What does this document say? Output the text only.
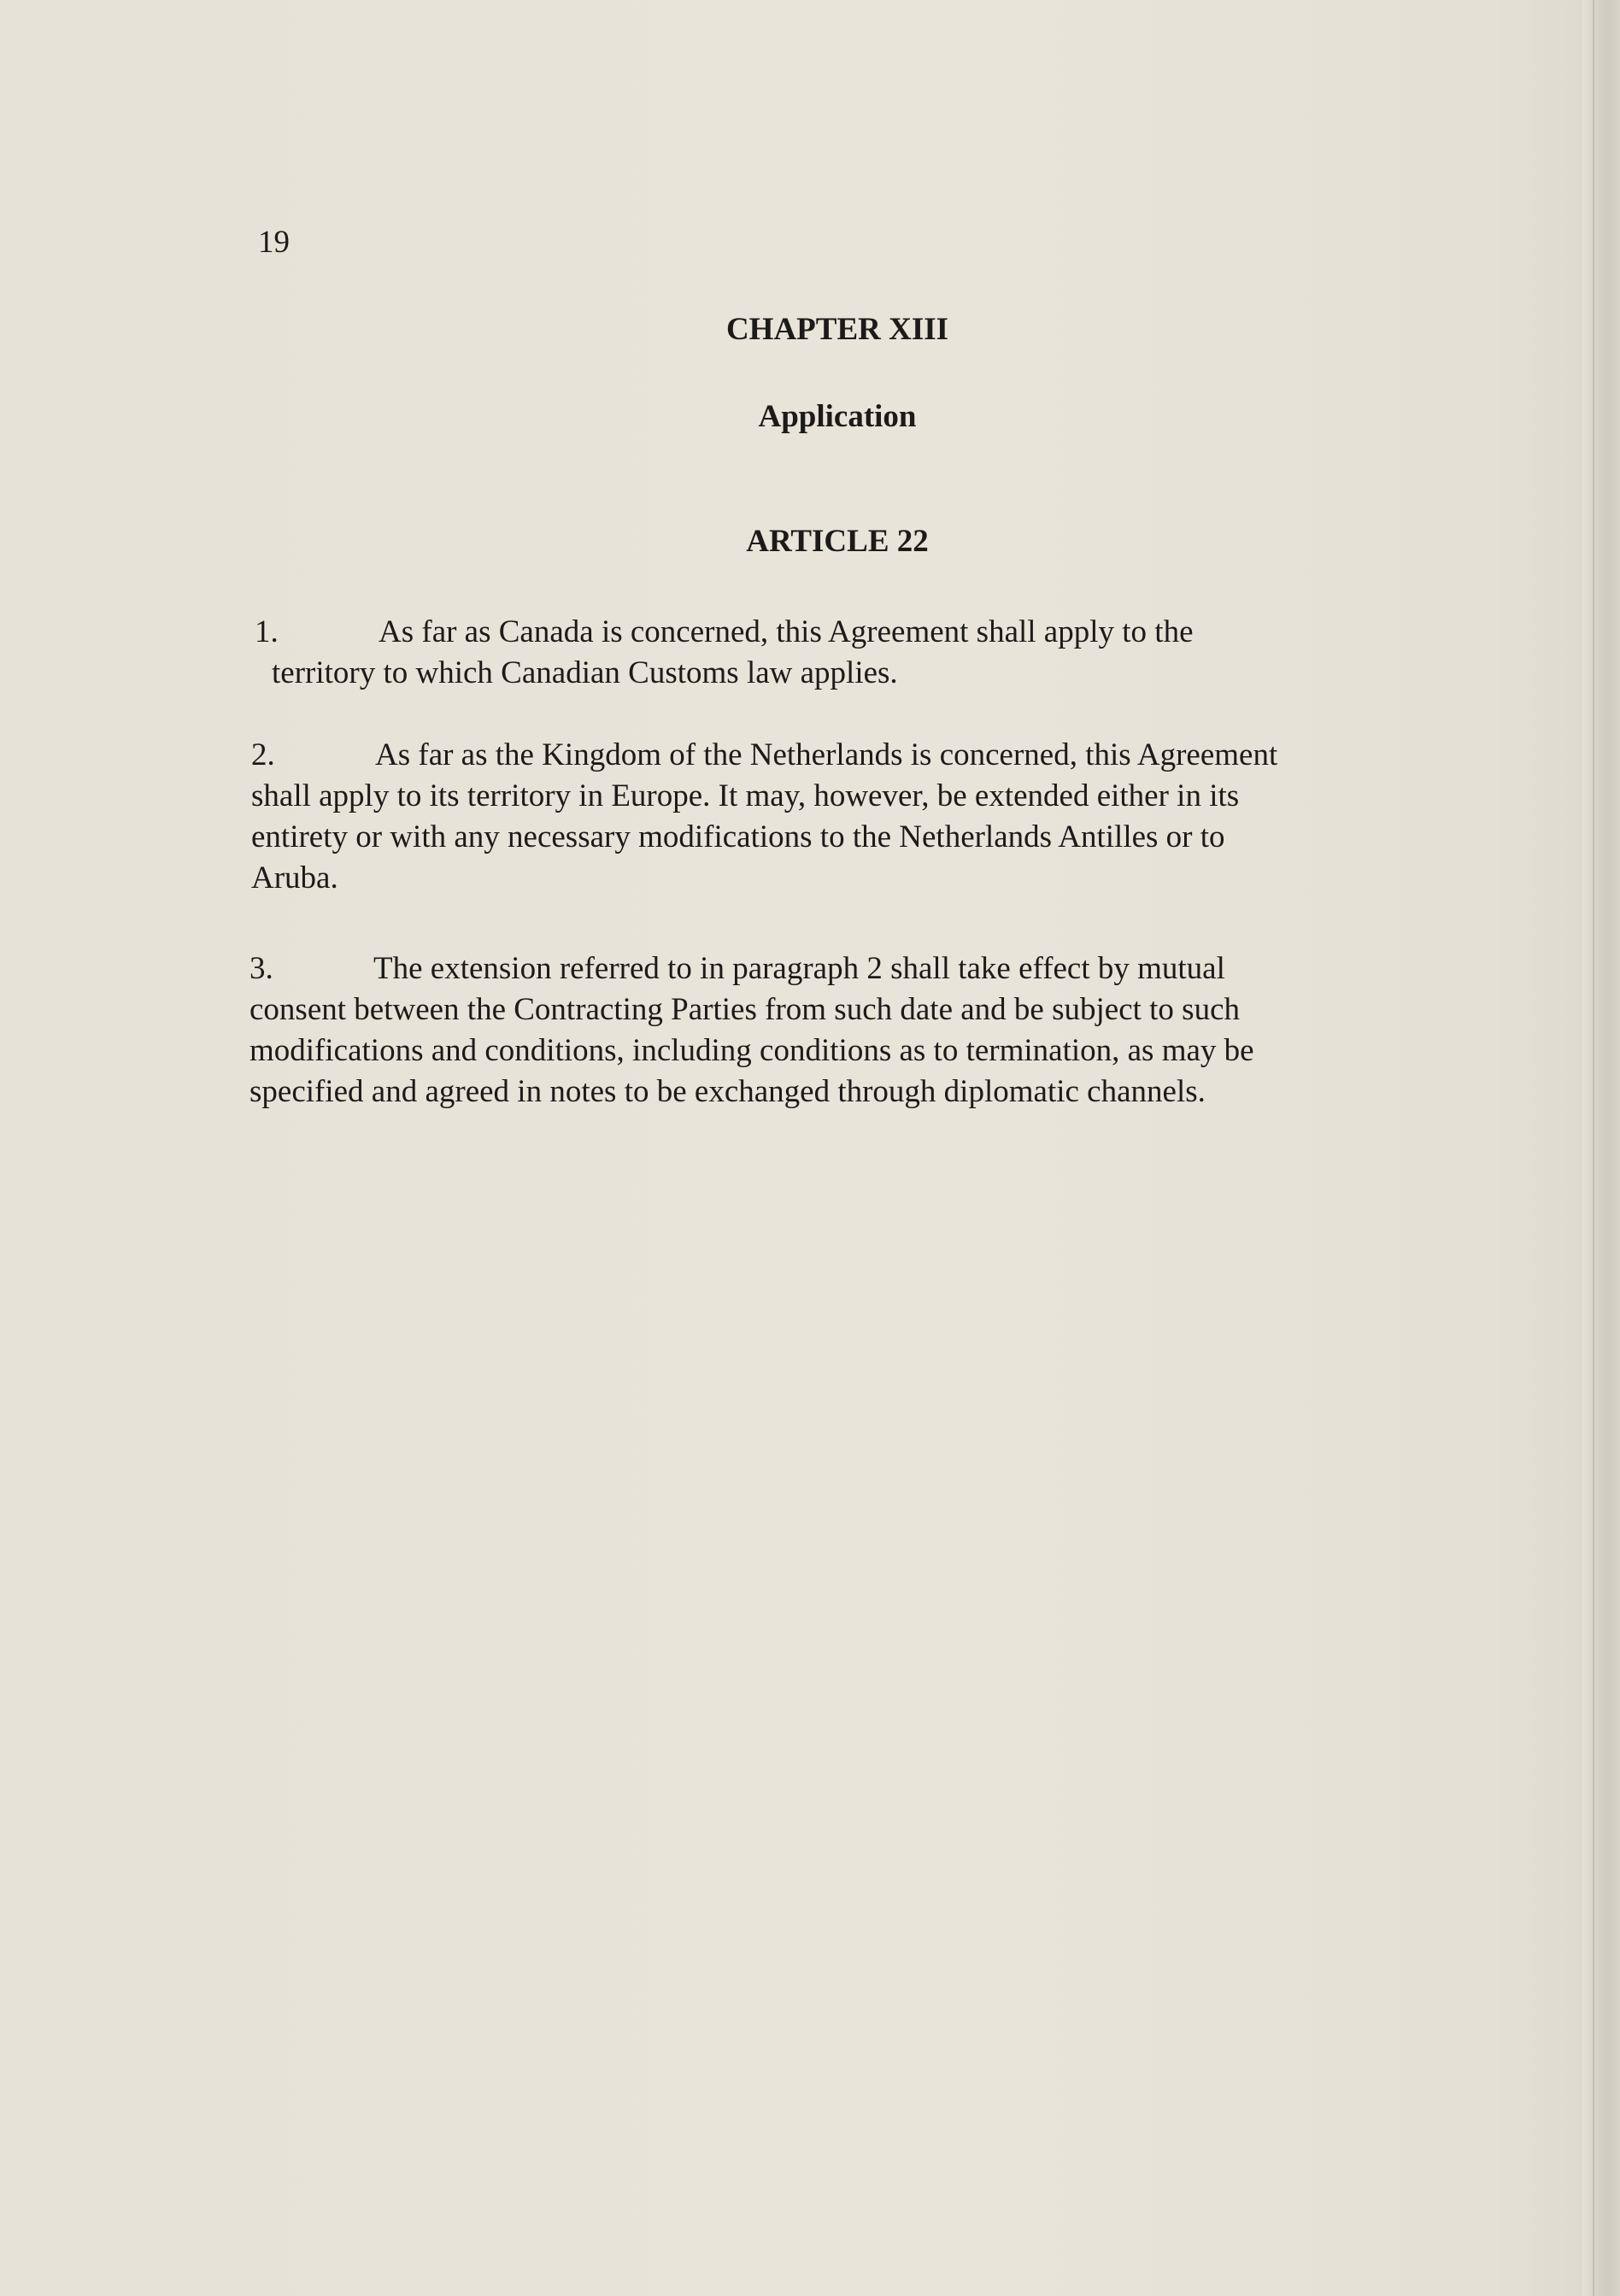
19
CHAPTER XIII
Application
ARTICLE 22
1.	As far as Canada is concerned, this Agreement shall apply to the
territory to which Canadian Customs law applies.
2.	As far as the Kingdom of the Netherlands is concerned, this Agreement
shall apply to its territory in Europe. It may, however, be extended either in its
entirety or with any necessary modifications to the Netherlands Antilles or to
Aruba.
3.	The extension referred to in paragraph 2 shall take effect by mutual
consent between the Contracting Parties from such date and be subject to such
modifications and conditions, including conditions as to termination, as may be
specified and agreed in notes to be exchanged through diplomatic channels.
